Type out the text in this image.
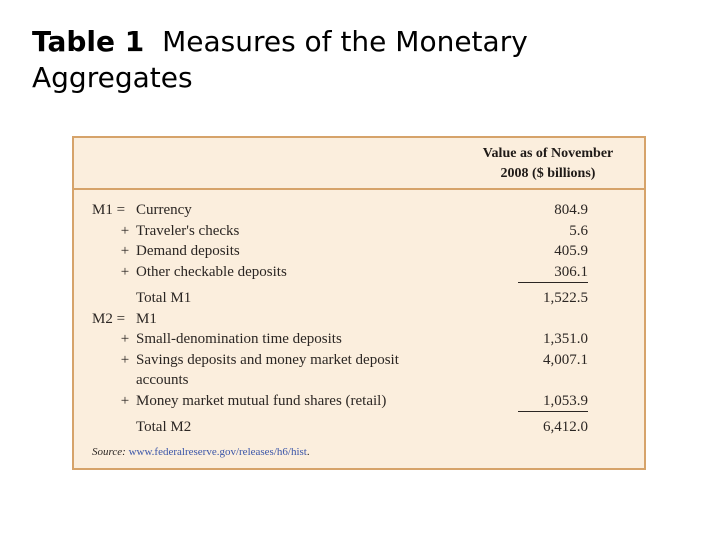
Table 1 Measures of the Monetary Aggregates
Value as of November
2008 ($ billions)
M1 = Currency	804.9
+ Traveler's checks	5.6
+ Demand deposits	405.9
+ Other checkable deposits	306.1
Total M1	1,522.5
M2 = M1
+ Small-denomination time deposits	1,351.0
+ Savings deposits and money market deposit	4,007.1
accounts
+ Money market mutual fund shares (retail)	1,053.9
Total M2	6,412.0
Source: www.federalreserve.gov/releases/h6/hist.
